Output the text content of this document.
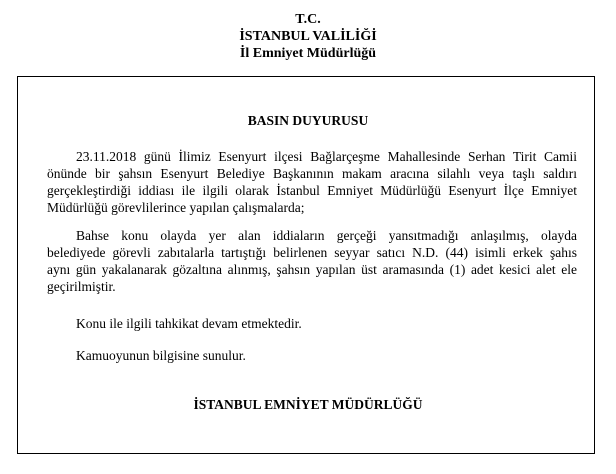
T.C.
İSTANBUL VALİLİĞİ
İl Emniyet Müdürlüğü
BASIN DUYURUSU
23.11.2018 günü İlimiz Esenyurt ilçesi Bağlarçeşme Mahallesinde Serhan Tirit Camii
önünde bir şahsın Esenyurt Belediye Başkanının makam aracına silahlı veya taşlı saldırı
gerçekleştirdiği iddiası ile ilgili olarak İstanbul Emniyet Müdürlüğü Esenyurt İlçe Emniyet
Müdürlüğü görevlilerince yapılan çalışmalarda;
Bahse konu olayda yer alan iddiaların gerçeği yansıtmadığı anlaşılmış, olayda
belediyede görevli zabıtalarla tartıştığı belirlenen seyyar satıcı N.D. (44) isimli erkek şahıs
aynı gün yakalanarak gözaltına alınmış, şahsın yapılan üst aramasında (1) adet kesici alet ele
geçirilmiştir.
Konu ile ilgili tahkikat devam etmektedir.
Kamuoyunun bilgisine sunulur.
İSTANBUL EMNİYET MÜDÜRLÜĞÜ
